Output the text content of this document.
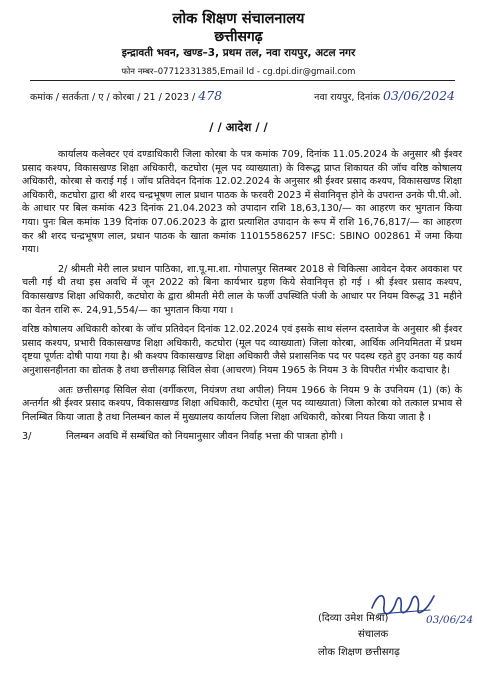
लोक शिक्षण संचालनालय
छत्तीसगढ़
इन्द्रावती भवन, खण्ड–3, प्रथम तल, नवा रायपुर, अटल नगर
फोन नम्बर–07712331385,Email Id - cg.dpi.dir@gmail.com
कमांक / सतर्कता / ए / कोरबा / 21 / 2023 / 478	नवा रायपुर, दिनांक 03/06/2024
/ / आदेश / /

कार्यालय कलेक्टर एवं दण्डाधिकारी जिला कोरबा के पत्र कमांक 709, दिनांक 11.05.2024 के अनुसार श्री ईश्वर प्रसाद कश्यप, विकासखण्ड शिक्षा अधिकारी, कटघोरा (मूल पद व्याख्याता) के विरूद्ध प्राप्त शिकायत की जॉच वरिष्ठ कोषालय अधिकारी, कोरबा से कराई गई । जॉच प्रतिवेदन दिनांक 12.02.2024 के अनुसार श्री ईश्वर प्रसाद कश्यप, विकासखण्ड शिक्षा अधिकारी, कटघोरा द्वारा श्री शरद चन्द्रभूषण लाल प्रधान पाठक के फरवरी 2023 में सेवानिवृत्त होने के उपरान्त उनके पी.पी.ओ. के आधार पर बिल कमांक 423 दिनांक 21.04.2023 को उपादान राशि 18,63,130/— का आहरण कर भुगतान किया गया। पुनः बिल कमांक 139 दिनांक 07.06.2023 के द्वारा प्रत्याशित उपादान के रूप में राशि 16,76,817/— का आहरण कर श्री शरद चन्द्रभूषण लाल, प्रधान पाठक के खाता कमांक 11015586257 IFSC: SBINO 002861 में जमा किया गया।

2/ श्रीमती मेरी लाल प्रधान पाठिका, शा.पू.मा.शा. गोपालपुर सितम्बर 2018 से चिकित्सा आवेदन देकर अवकाश पर चली गई थी तथा इस अवधि में जून 2022 को बिना कार्यभार ग्रहण किये सेवानिवृत्त हो गई । श्री ईश्वर प्रसाद कश्यप, विकासखण्ड शिक्षा अधिकारी, कटघोरा के द्वारा श्रीमती मेरी लाल के फर्जी उपस्थिति पंजी के आधार पर नियम विरूद्ध 31 महीने का वेतन राशि रू. 24,91,554/— का भुगतान किया गया ।

वरिष्ठ कोषालय अधिकारी कोरबा के जॉच प्रतिवेदन दिनांक 12.02.2024 एवं इसके साथ संलग्न दस्तावेज के अनुसार श्री ईश्वर प्रसाद कश्यप, प्रभारी विकासखण्ड शिक्षा अधिकारी, कटघोरा (मूल पद व्याख्याता) जिला कोरबा, आर्थिक अनियमितता में प्रथम दृष्टया पूर्णतः दोषी पाया गया है। श्री कश्यप विकासखण्ड शिक्षा अधिकारी जैसे प्रशासनिक पद पर पदस्थ रहते हुए उनका यह कार्य अनुशासनहीनता का द्योतक है तथा छत्तीसगढ़ सिविल सेवा (आचरण) नियम 1965 के नियम 3 के विपरीत गंभीर कदाचार है।

अतः छत्तीसगढ़ सिविल सेवा (वर्गीकरण, नियंत्रण तथा अपील) नियम 1966 के नियम 9 के उपनियम (1) (क) के अन्तर्गत श्री ईश्वर प्रसाद कश्यप, विकासखण्ड शिक्षा अधिकारी, कटघोरा (मूल पद व्याख्याता) जिला कोरबा को तत्काल प्रभाव से निलम्बित किया जाता है तथा निलम्बन काल में मुख्यालय कार्यालय जिला शिक्षा अधिकारी, कोरबा नियत किया जाता है ।

3/	निलम्बन अवधि में सम्बंधित को नियमानुसार जीवन निर्वाह भत्ता की पात्रता होगी ।
(दिव्या उमेश मिश्रा)	03/06/24
संचालक
लोक शिक्षण छत्तीसगढ़
